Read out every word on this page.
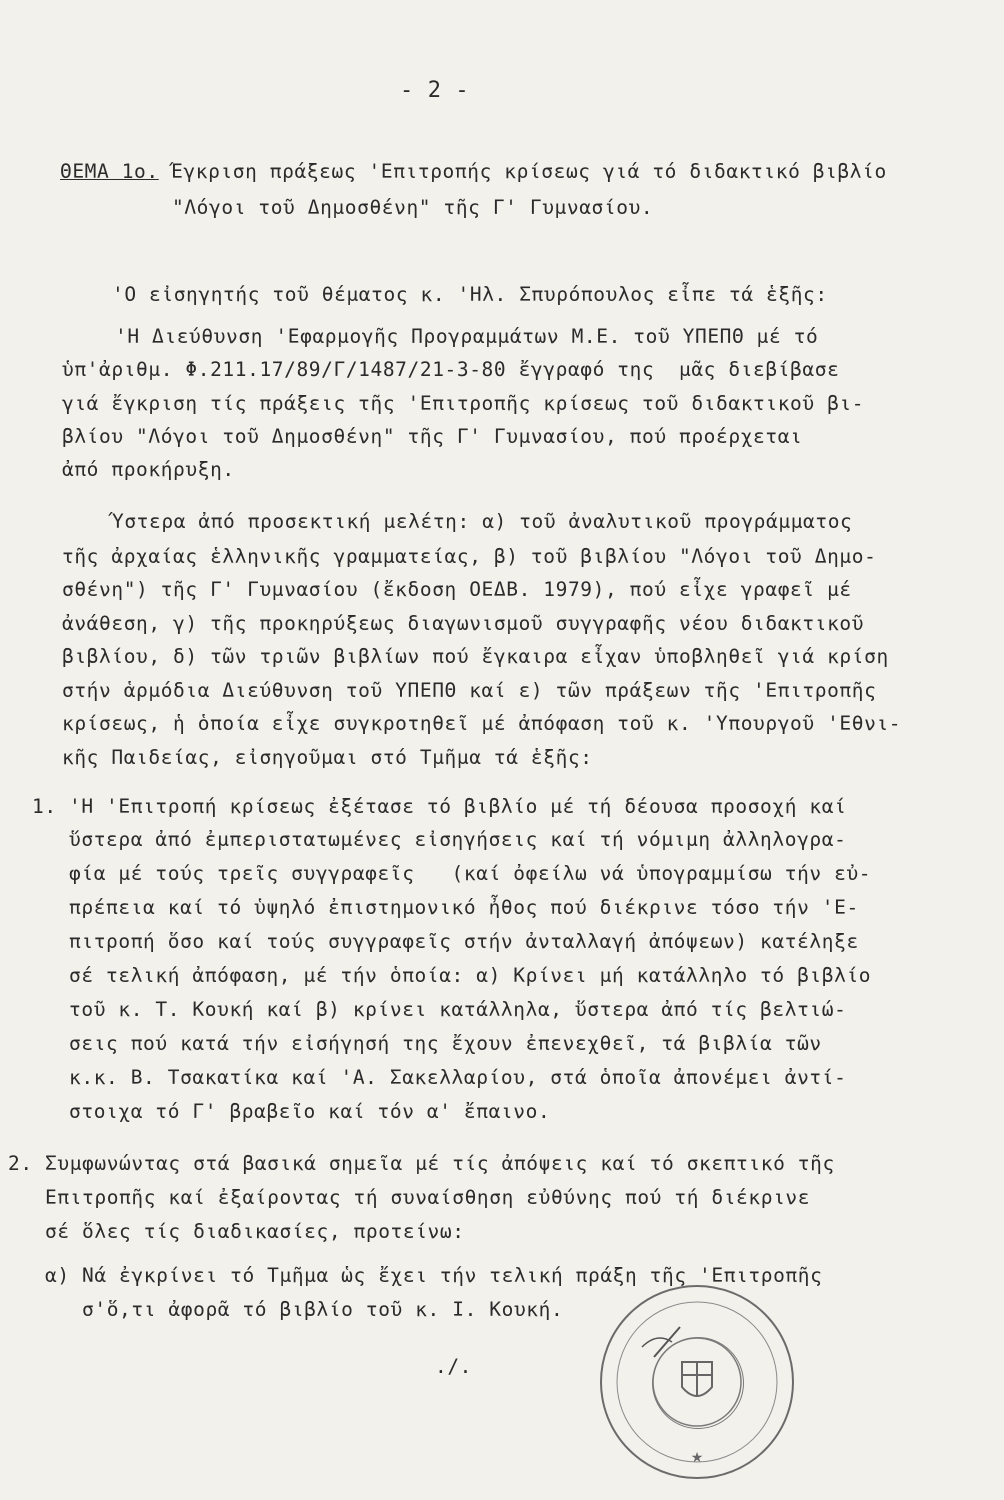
- 2 -
ΘΕΜΑ 1ο. Έγκριση πράξεως 'Επιτροπής κρίσεως γιά τό διδακτικό βιβλίο
"Λόγοι τοῦ Δημοσθένη" τῆς Γ' Γυμνασίου.
'Ο εἰσηγητής τοῦ θέματος κ. 'Ηλ. Σπυρόπουλος εἶπε τά ἑξῆς:
'Η Διεύθυνση 'Εφαρμογῆς Προγραμμάτων Μ.Ε. τοῦ ΥΠΕΠΘ μέ τό
ὑπ'ἀριθμ. Φ.211.17/89/Γ/1487/21-3-80 ἔγγραφό της  μᾶς διεβίβασε
γιά ἔγκριση τίς πράξεις τῆς 'Επιτροπῆς κρίσεως τοῦ διδακτικοῦ βι-
βλίου "Λόγοι τοῦ Δημοσθένη" τῆς Γ' Γυμνασίου, πού προέρχεται
ἀπό προκήρυξη.
Ύστερα ἀπό προσεκτική μελέτη: α) τοῦ ἀναλυτικοῦ προγράμματος
τῆς ἀρχαίας ἑλληνικῆς γραμματείας, β) τοῦ βιβλίου "Λόγοι τοῦ Δημο-
σθένη") τῆς Γ' Γυμνασίου (ἔκδοση ΟΕΔΒ. 1979), πού εἶχε γραφεῖ μέ
ἀνάθεση, γ) τῆς προκηρύξεως διαγωνισμοῦ συγγραφῆς νέου διδακτικοῦ
βιβλίου, δ) τῶν τριῶν βιβλίων πού ἔγκαιρα εἶχαν ὑποβληθεῖ γιά κρίση
στήν ἁρμόδια Διεύθυνση τοῦ ΥΠΕΠΘ καί ε) τῶν πράξεων τῆς 'Επιτροπῆς
κρίσεως, ἡ ὁποία εἶχε συγκροτηθεῖ μέ ἀπόφαση τοῦ κ. 'Υπουργοῦ 'Εθνι-
κῆς Παιδείας, εἰσηγοῦμαι στό Τμῆμα τά ἑξῆς:
1. 'Η 'Επιτροπή κρίσεως ἐξέτασε τό βιβλίο μέ τή δέουσα προσοχή καί
ὕστερα ἀπό ἐμπεριστατωμένες εἰσηγήσεις καί τή νόμιμη ἀλληλογρα-
φία μέ τούς τρεῖς συγγραφεῖς   (καί ὀφείλω νά ὑπογραμμίσω τήν εὐ-
πρέπεια καί τό ὑψηλό ἐπιστημονικό ἦθος πού διέκρινε τόσο τήν 'Ε-
πιτροπή ὅσο καί τούς συγγραφεῖς στήν ἀνταλλαγή ἀπόψεων) κατέληξε
σέ τελική ἀπόφαση, μέ τήν ὁποία: α) Κρίνει μή κατάλληλο τό βιβλίο
τοῦ κ. Τ. Κουκή καί β) κρίνει κατάλληλα, ὕστερα ἀπό τίς βελτιώ-
σεις πού κατά τήν εἰσήγησή της ἔχουν ἐπενεχθεῖ, τά βιβλία τῶν
κ.κ. Β. Τσακατίκα καί 'Α. Σακελλαρίου, στά ὁποῖα ἀπονέμει ἀντί-
στοιχα τό Γ' βραβεῖο καί τόν α' ἔπαινο.
2. Συμφωνώντας στά βασικά σημεῖα μέ τίς ἀπόψεις καί τό σκεπτικό τῆς
Επιτροπῆς καί ἐξαίροντας τή συναίσθηση εὐθύνης πού τή διέκρινε
σέ ὅλες τίς διαδικασίες, προτείνω:
α) Νά ἐγκρίνει τό Τμῆμα ὡς ἔχει τήν τελική πράξη τῆς 'Επιτροπῆς
σ'ὅ,τι ἀφορᾶ τό βιβλίο τοῦ κ. Ι. Κουκή.
./.
★
